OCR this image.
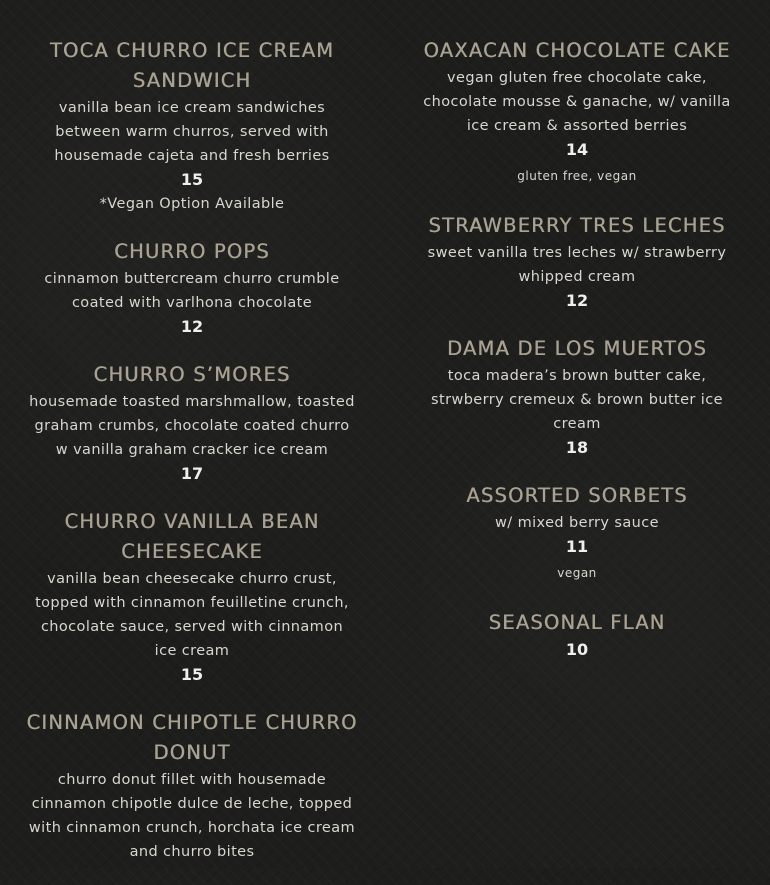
TOCA CHURRO ICE CREAM SANDWICH
vanilla bean ice cream sandwiches between warm churros, served with housemade cajeta and fresh berries
15
*Vegan Option Available
CHURRO POPS
cinnamon buttercream churro crumble coated with varlhona chocolate
12
CHURRO S’MORES
housemade toasted marshmallow, toasted graham crumbs, chocolate coated churro w vanilla graham cracker ice cream
17
CHURRO VANILLA BEAN CHEESECAKE
vanilla bean cheesecake churro crust, topped with cinnamon feuilletine crunch, chocolate sauce, served with cinnamon ice cream
15
CINNAMON CHIPOTLE CHURRO DONUT
churro donut fillet with housemade cinnamon chipotle dulce de leche, topped with cinnamon crunch, horchata ice cream and churro bites
OAXACAN CHOCOLATE CAKE
vegan gluten free chocolate cake, chocolate mousse & ganache, w/ vanilla ice cream & assorted berries
14
gluten free, vegan
STRAWBERRY TRES LECHES
sweet vanilla tres leches w/ strawberry whipped cream
12
DAMA DE LOS MUERTOS
toca madera’s brown butter cake, strwberry cremeux & brown butter ice cream
18
ASSORTED SORBETS
w/ mixed berry sauce
11
vegan
SEASONAL FLAN
10
